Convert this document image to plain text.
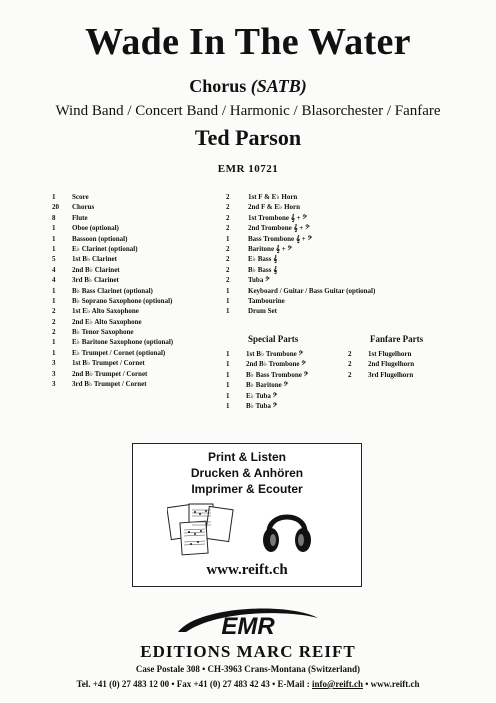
Wade In The Water
Chorus (SATB)
Wind Band / Concert Band / Harmonic / Blasorchester / Fanfare
Ted Parson
EMR 10721
1	Score
20	Chorus
8	Flute
1	Oboe (optional)
1	Bassoon (optional)
1	E♭ Clarinet (optional)
5	1st B♭ Clarinet
4	2nd B♭ Clarinet
4	3rd B♭ Clarinet
1	B♭ Bass Clarinet (optional)
1	B♭ Soprano Saxophone (optional)
2	1st E♭ Alto Saxophone
2	2nd E♭ Alto Saxophone
2	B♭ Tenor Saxophone
1	E♭ Baritone Saxophone (optional)
1	E♭ Trumpet / Cornet (optional)
3	1st B♭ Trumpet / Cornet
3	2nd B♭ Trumpet / Cornet
3	3rd B♭ Trumpet / Cornet
2	1st F & E♭ Horn
2	2nd F & E♭ Horn
2	1st Trombone 𝄞 + 𝄢
2	2nd Trombone 𝄞 + 𝄢
1	Bass Trombone 𝄞 + 𝄢
2	Baritone 𝄞 + 𝄢
2	E♭ Bass 𝄞
2	B♭ Bass 𝄞
2	Tuba 𝄢
1	Keyboard / Guitar / Bass Guitar (optional)
1	Tambourine
1	Drum Set
Special Parts	Fanfare Parts
1	1st B♭ Trombone 𝄢
1	2nd B♭ Trombone 𝄢
1	B♭ Bass Trombone 𝄢
1	B♭ Baritone 𝄢
1	E♭ Tuba 𝄢
1	B♭ Tuba 𝄢
2	1st Flugelhorn
2	2nd Flugelhorn
2	3rd Flugelhorn
Print & Listen
Drucken & Anhören
Imprimer & Ecouter
www.reift.ch
EMR
EDITIONS MARC REIFT
Case Postale 308 • CH-3963 Crans-Montana (Switzerland)
Tel. +41 (0) 27 483 12 00 • Fax +41 (0) 27 483 42 43 • E-Mail : info@reift.ch • www.reift.ch
